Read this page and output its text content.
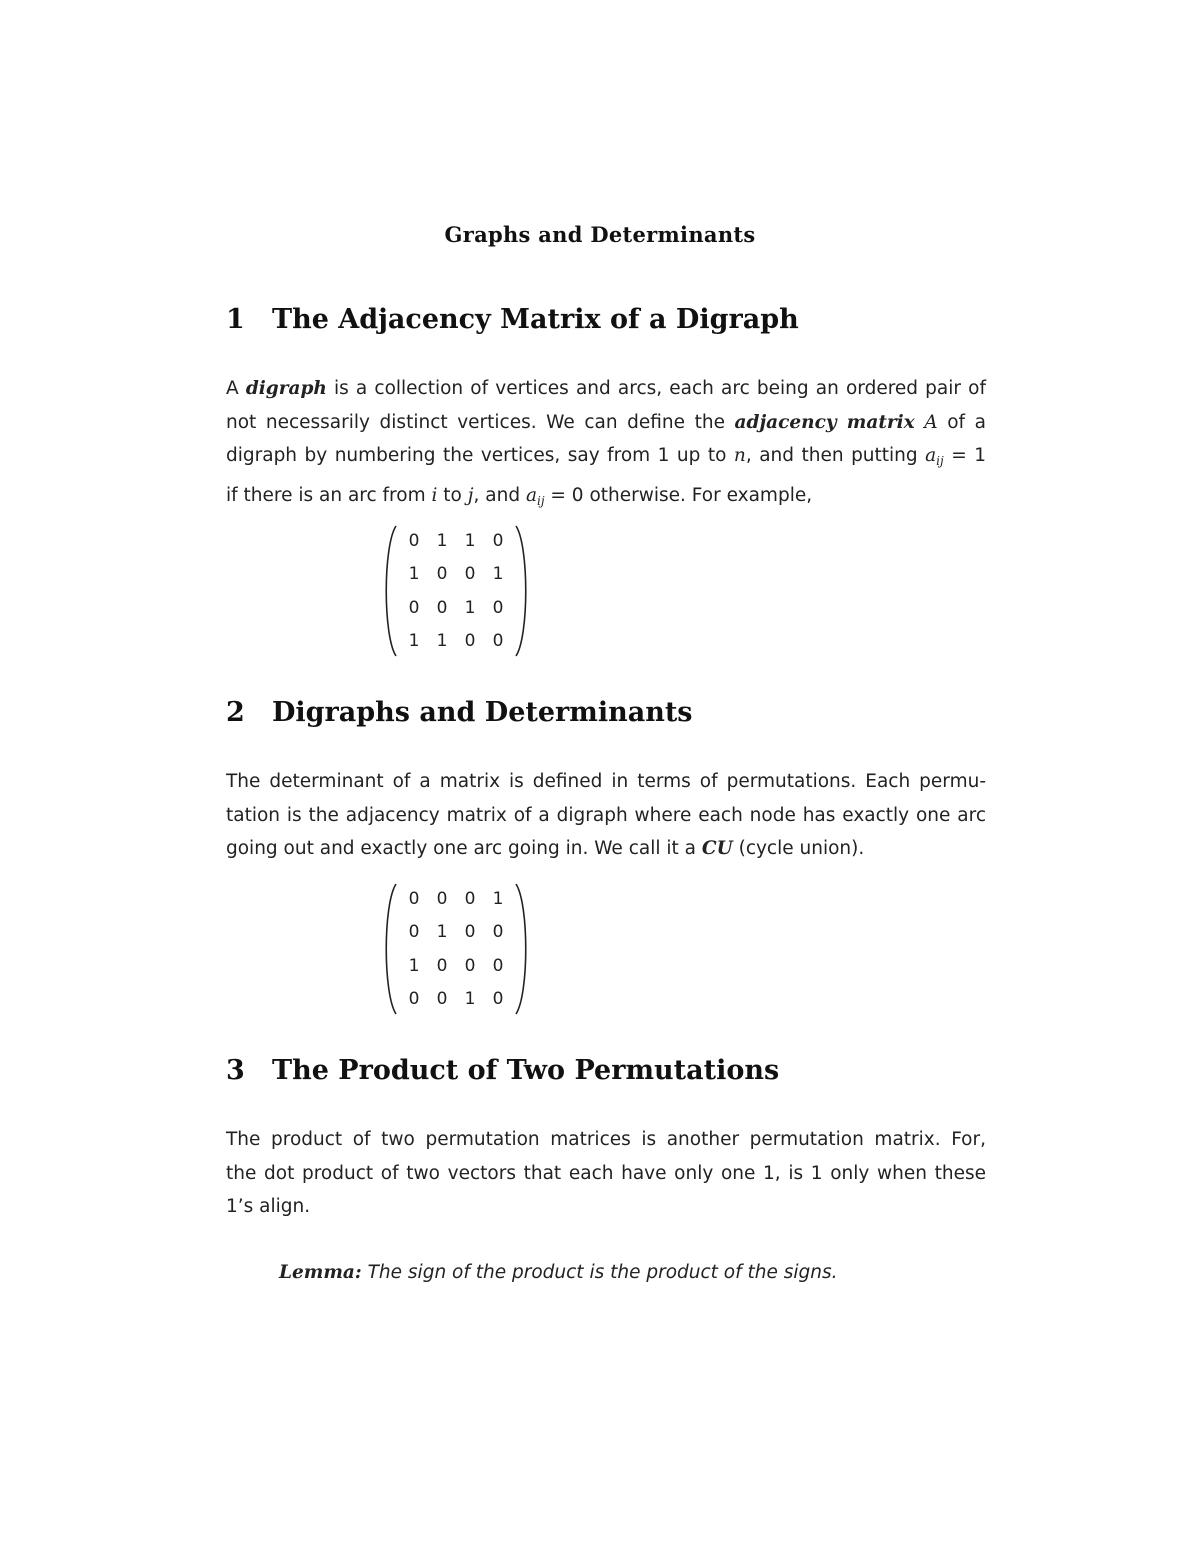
Graphs and Determinants
1 The Adjacency Matrix of a Digraph
A digraph is a collection of vertices and arcs, each arc being an ordered pair of
not necessarily distinct vertices. We can define the adjacency matrix A of a
digraph by numbering the vertices, say from 1 up to n, and then putting $a_{ij} = 1$
if there is an arc from i to j, and $a_{ij} = 0$ otherwise. For example,
0	1	1	0
1	0	0	1
0	0	1	0
1	1	0	0
2 Digraphs and Determinants
The determinant of a matrix is defined in terms of permutations. Each permu-
tation is the adjacency matrix of a digraph where each node has exactly one arc
going out and exactly one arc going in. We call it a CU (cycle union).
0	0	0	1
0	1	0	0
1	0	0	0
0	0	1	0
3 The Product of Two Permutations
The product of two permutation matrices is another permutation matrix. For,
the dot product of two vectors that each have only one 1, is 1 only when these
1’s align.
Lemma: The sign of the product is the product of the signs.
